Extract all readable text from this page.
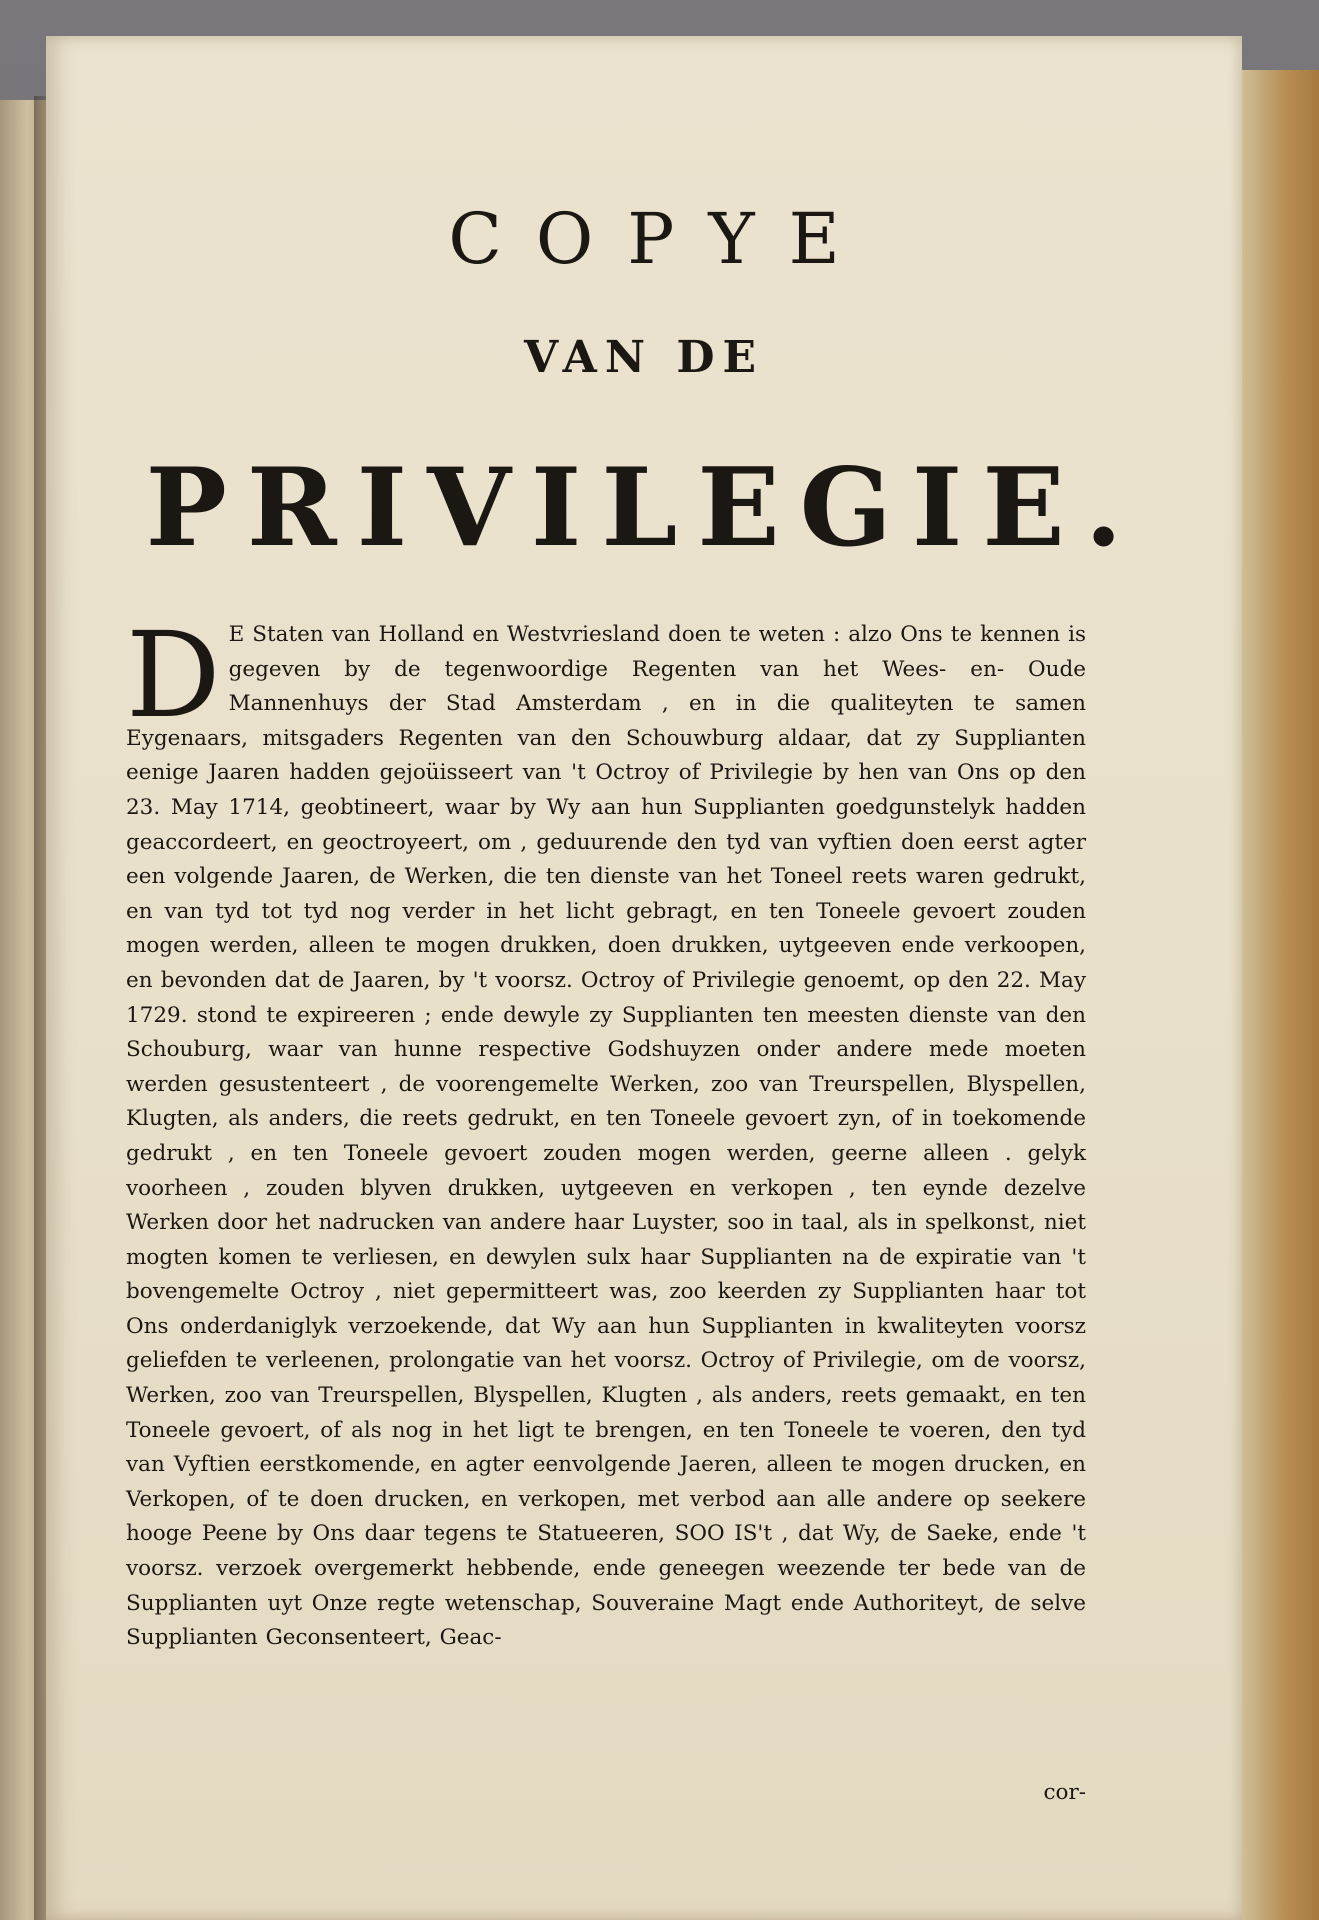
COPYE
VAN DE
PRIVILEGIE.

D E Staten van Holland en Westvriesland doen te weten : alzo Ons te kennen is gegeven by de tegenwoordige Regenten van het Wees- en- Oude Mannenhuys der Stad Amsterdam , en in die qualiteyten te samen Eygenaars, mitsgaders Regenten van den Schouwburg aldaar, dat zy Supplianten eenige Jaaren hadden gejoüisseert van 't Octroy of Privilegie by hen van Ons op den 23. May 1714, geobtineert, waar by Wy aan hun Supplianten goedgunstelyk hadden geaccordeert, en geoctroyeert, om , geduurende den tyd van vyftien doen eerst agter een volgende Jaaren, de Werken, die ten dienste van het Toneel reets waren gedrukt, en van tyd tot tyd nog verder in het licht gebragt, en ten Toneele gevoert zouden mogen werden, alleen te mogen drukken, doen drukken, uytgeeven ende verkoopen, en bevonden dat de Jaaren, by 't voorsz. Octroy of Privilegie genoemt, op den 22. May 1729. stond te expireeren ; ende dewyle zy Supplianten ten meesten dienste van den Schouburg, waar van hunne respective Godshuyzen onder andere mede moeten werden gesustenteert , de voorengemelte Werken, zoo van Treurspellen, Blyspellen, Klugten, als anders, die reets gedrukt, en ten Toneele gevoert zyn, of in toekomende gedrukt , en ten Toneele gevoert zouden mogen werden, geerne alleen . gelyk voorheen , zouden blyven drukken, uytgeeven en verkopen , ten eynde dezelve Werken door het nadrucken van andere haar Luyster, soo in taal, als in spelkonst, niet mogten komen te verliesen, en dewylen sulx haar Supplianten na de expiratie van 't bovengemelte Octroy , niet gepermitteert was, zoo keerden zy Supplianten haar tot Ons onderdaniglyk verzoekende, dat Wy aan hun Supplianten in kwaliteyten voorsz geliefden te verleenen, prolongatie van het voorsz. Octroy of Privilegie, om de voorsz, Werken, zoo van Treurspellen, Blyspellen, Klugten , als anders, reets gemaakt, en ten Toneele gevoert, of als nog in het ligt te brengen, en ten Toneele te voeren, den tyd van Vyftien eerstkomende, en agter eenvolgende Jaeren, alleen te mogen drucken, en Verkopen, of te doen drucken, en verkopen, met verbod aan alle andere op seekere hooge Peene by Ons daar tegens te Statueeren, SOO IS't , dat Wy, de Saeke, ende 't voorsz. verzoek overgemerkt hebbende, ende geneegen weezende ter bede van de Supplianten uyt Onze regte wetenschap, Souveraine Magt ende Authoriteyt, de selve Supplianten Geconsenteert, Geac-

cor-
